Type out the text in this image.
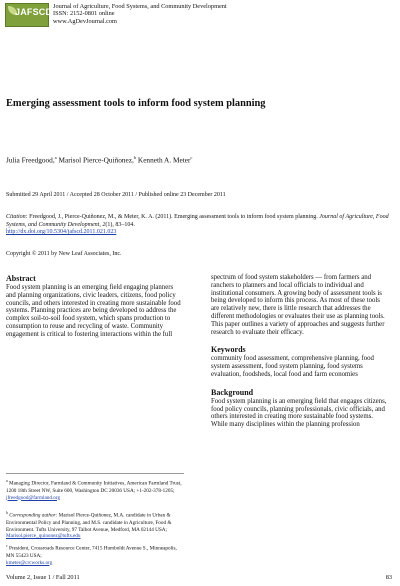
JAFSCD
Journal of Agriculture, Food Systems, and Community Development
ISSN: 2152-0801 online
www.AgDevJournal.com
Emerging assessment tools to inform food system planning
Julia Freedgood,$^a$ Marisol Pierce-Quiñonez,$^b$ Kenneth A. Meter$^c$
Submitted 29 April 2011 / Accepted 28 October 2011 / Published online 23 December 2011
Citation: Freedgood, J., Pierce-Quiñonez, M., & Meter, K. A. (2011). Emerging assessment tools to inform food system planning. Journal of Agriculture, Food Systems, and Community Development, 2(1), 83–104.
http://dx.doi.org/10.5304/jafscd.2011.021.023
Copyright © 2011 by New Leaf Associates, Inc.
Abstract
Food system planning is an emerging field engaging planners and planning organizations, civic leaders, citizens, food policy councils, and others interested in creating more sustainable food systems. Planning practices are being developed to address the complex soil-to-soil food system, which spans production to consumption to reuse and recycling of waste. Community engagement is critical to fostering interactions within the full
spectrum of food system stakeholders — from farmers and ranchers to planners and local officials to individual and institutional consumers. A growing body of assessment tools is being developed to inform this process. As most of these tools are relatively new, there is little research that addresses the different methodologies or evaluates their use as planning tools. This paper outlines a variety of approaches and suggests further research to evaluate their efficacy.
Keywords
community food assessment, comprehensive planning, food system assessment, food system planning, food systems evaluation, foodsheds, local food and farm economies
Background
Food system planning is an emerging field that engages citizens, food policy councils, planning professionals, civic officials, and others interested in creating more sustainable food systems. While many disciplines within the planning profession
$^a$ Managing Director, Farmland & Community Initiatives, American Farmland Trust, 1200 18th Street NW, Suite 600, Washington DC 20036 USA; +1-202-378-1205;
jfreedgood@farmland.org
$^b$ Corresponding author: Marisol Pierce-Quiñonez, M.A. candidate in Urban & Environmental Policy and Planning, and M.S. candidate in Agriculture, Food & Environment. Tufts University, 97 Talbot Avenue, Medford, MA 02144 USA;
Marisol.pierce_quinonez@tufts.edu
$^c$ President, Crossroads Resource Center, 7415 Humboldt Avenue S., Minneapolis, MN 55423 USA;
kmeter@crcworks.org
Volume 2, Issue 1 / Fall 2011	83
